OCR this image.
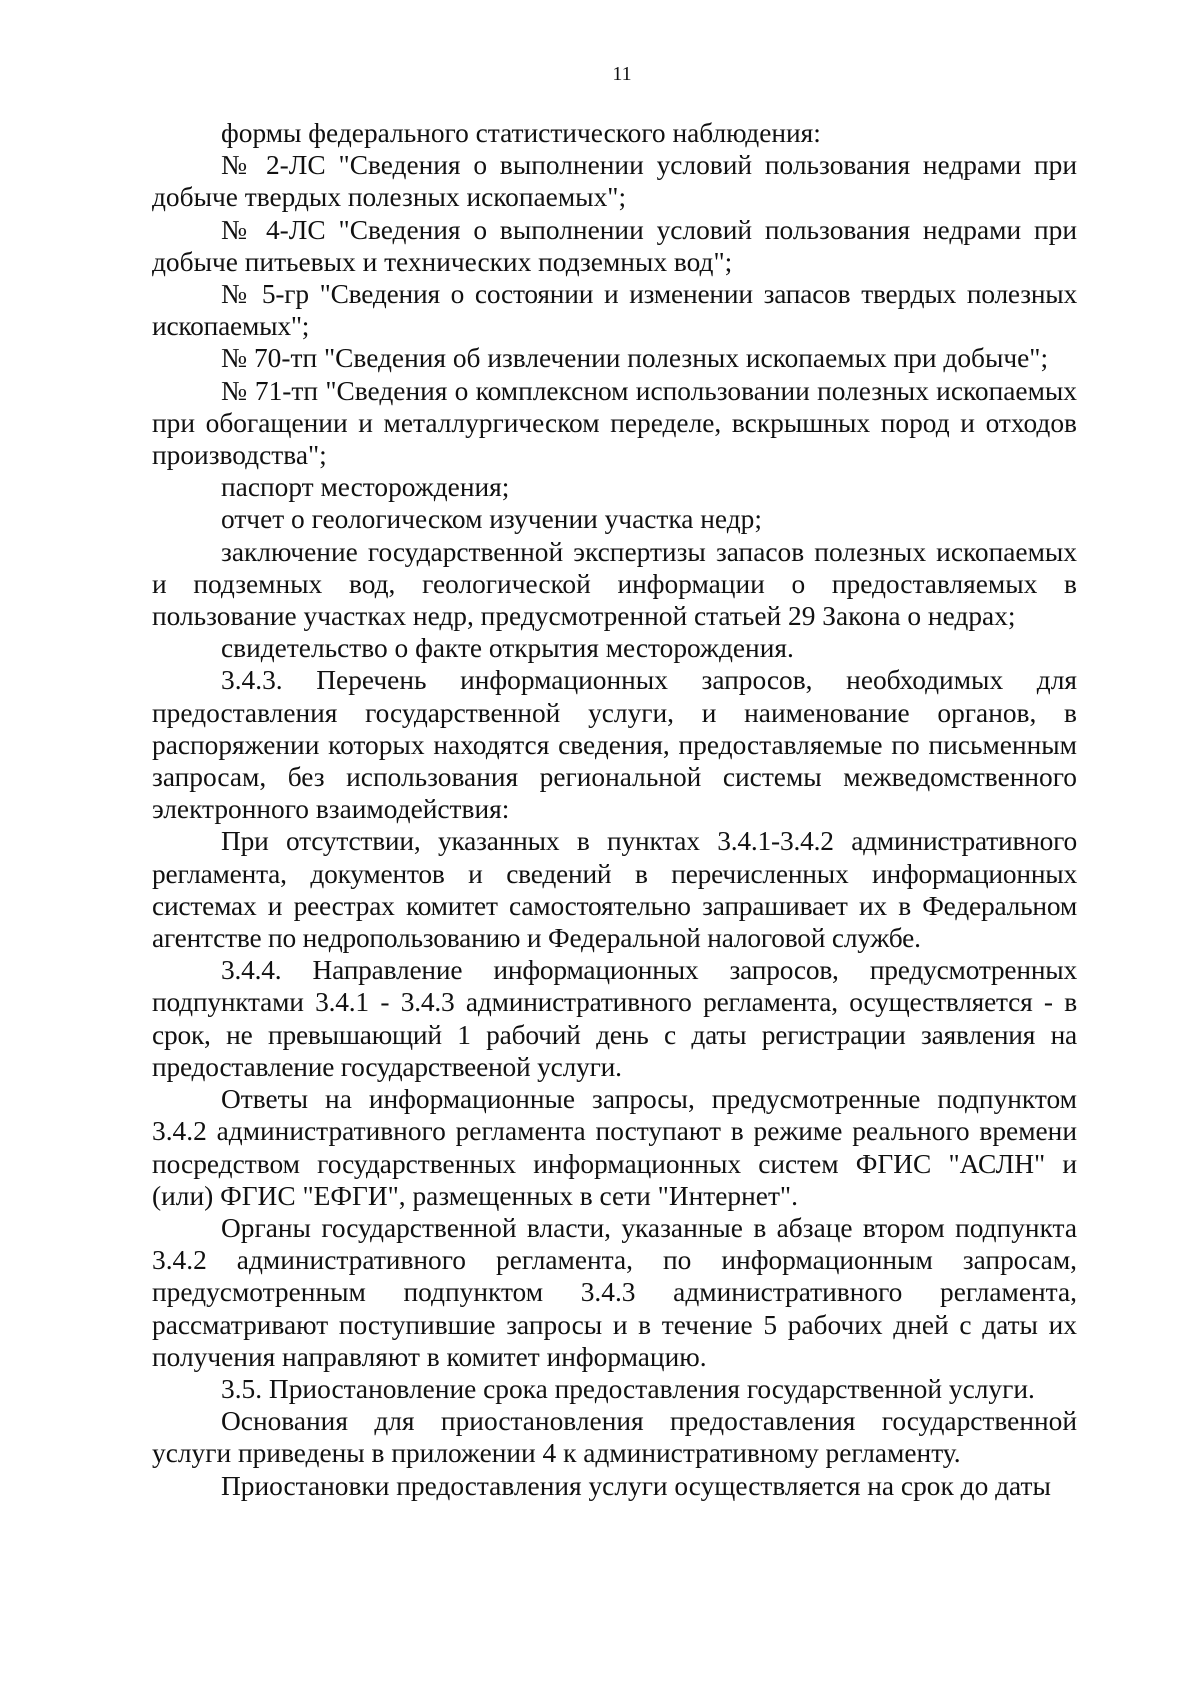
11

формы федерального статистического наблюдения:

№ 2-ЛС "Сведения о выполнении условий пользования недрами при добыче твердых полезных ископаемых";

№ 4-ЛС "Сведения о выполнении условий пользования недрами при добыче питьевых и технических подземных вод";

№ 5-гр "Сведения о состоянии и изменении запасов твердых полезных ископаемых";

№ 70-тп "Сведения об извлечении полезных ископаемых при добыче";

№ 71-тп "Сведения о комплексном использовании полезных ископаемых при обогащении и металлургическом переделе, вскрышных пород и отходов производства";

паспорт месторождения;

отчет о геологическом изучении участка недр;

заключение государственной экспертизы запасов полезных ископаемых и подземных вод, геологической информации о предоставляемых в пользование участках недр, предусмотренной статьей 29 Закона о недрах;

свидетельство о факте открытия месторождения.

3.4.3. Перечень информационных запросов, необходимых для предоставления государственной услуги, и наименование органов, в распоряжении которых находятся сведения, предоставляемые по письменным запросам, без использования региональной системы межведомственного электронного взаимодействия:

При отсутствии, указанных в пунктах 3.4.1-3.4.2 административного регламента, документов и сведений в перечисленных информационных системах и реестрах комитет самостоятельно запрашивает их в Федеральном агентстве по недропользованию и Федеральной налоговой службе.

3.4.4. Направление информационных запросов, предусмотренных подпунктами 3.4.1 - 3.4.3 административного регламента, осуществляется - в срок, не превышающий 1 рабочий день с даты регистрации заявления на предоставление государствееной услуги.

Ответы на информационные запросы, предусмотренные подпунктом 3.4.2 административного регламента поступают в режиме реального времени посредством государственных информационных систем ФГИС "АСЛН" и (или) ФГИС "ЕФГИ", размещенных в сети "Интернет".

Органы государственной власти, указанные в абзаце втором подпункта 3.4.2 административного регламента, по информационным запросам, предусмотренным подпунктом 3.4.3 административного регламента, рассматривают поступившие запросы и в течение 5 рабочих дней с даты их получения направляют в комитет информацию.

3.5. Приостановление срока предоставления государственной услуги.

Основания для приостановления предоставления государственной услуги приведены в приложении 4 к административному регламенту.

Приостановки предоставления услуги осуществляется на срок до даты
